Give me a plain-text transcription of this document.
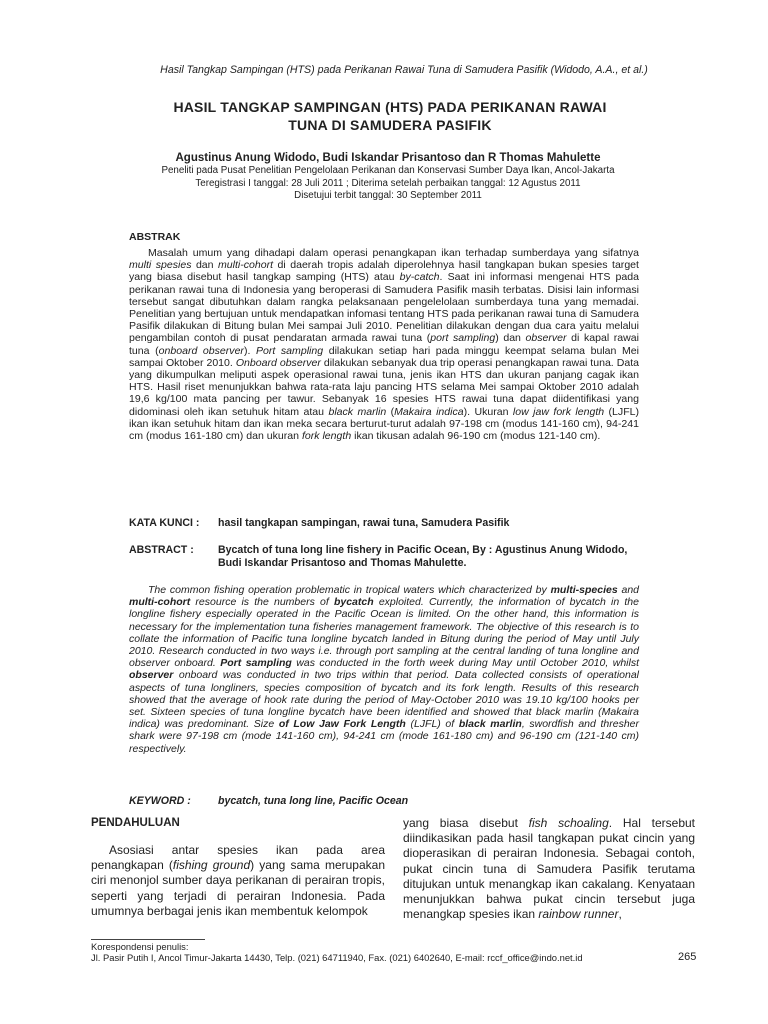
Hasil Tangkap Sampingan (HTS) pada Perikanan Rawai Tuna di Samudera Pasifik (Widodo, A.A., et al.)
HASIL TANGKAP SAMPINGAN (HTS) PADA PERIKANAN RAWAI
TUNA DI SAMUDERA PASIFIK
Agustinus Anung Widodo, Budi Iskandar Prisantoso dan R Thomas Mahulette
Peneliti pada Pusat Penelitian Pengelolaan Perikanan dan Konservasi Sumber Daya Ikan, Ancol-Jakarta
Teregistrasi I tanggal: 28 Juli 2011 ; Diterima setelah perbaikan tanggal: 12 Agustus 2011
Disetujui terbit tanggal: 30 September 2011
ABSTRAK

Masalah umum yang dihadapi dalam operasi penangkapan ikan terhadap sumberdaya yang sifatnya multi spesies dan multi-cohort di daerah tropis adalah diperolehnya hasil tangkapan bukan spesies target yang biasa disebut hasil tangkap samping (HTS) atau by-catch. Saat ini informasi mengenai HTS pada perikanan rawai tuna di Indonesia yang beroperasi di Samudera Pasifik masih terbatas. Disisi lain informasi tersebut sangat dibutuhkan dalam rangka pelaksanaan pengelelolaan sumberdaya tuna yang memadai. Penelitian yang bertujuan untuk mendapatkan infomasi tentang HTS pada perikanan rawai tuna di Samudera Pasifik dilakukan di Bitung bulan Mei sampai Juli 2010. Penelitian dilakukan dengan dua cara yaitu melalui pengambilan contoh di pusat pendaratan armada rawai tuna (port sampling) dan observer di kapal rawai tuna (onboard observer). Port sampling dilakukan setiap hari pada minggu keempat selama bulan Mei sampai Oktober 2010. Onboard observer dilakukan sebanyak dua trip operasi penangkapan rawai tuna. Data yang dikumpulkan meliputi aspek operasional rawai tuna, jenis ikan HTS dan ukuran panjang cagak ikan HTS. Hasil riset menunjukkan bahwa rata-rata laju pancing HTS selama Mei sampai Oktober 2010 adalah 19,6 kg/100 mata pancing per tawur. Sebanyak 16 spesies HTS rawai tuna dapat diidentifikasi yang didominasi oleh ikan setuhuk hitam atau black marlin (Makaira indica). Ukuran low jaw fork length (LJFL) ikan ikan setuhuk hitam dan ikan meka secara berturut-turut adalah 97-198 cm (modus 141-160 cm), 94-241 cm (modus 161-180 cm) dan ukuran fork length ikan tikusan adalah 96-190 cm (modus 121-140 cm).

KATA KUNCI : hasil tangkapan sampingan, rawai tuna, Samudera Pasifik
ABSTRACT : Bycatch of tuna long line fishery in Pacific Ocean, By : Agustinus Anung Widodo, Budi Iskandar Prisantoso and Thomas Mahulette.

The common fishing operation problematic in tropical waters which characterized by multi-species and multi-cohort resource is the numbers of bycatch exploited. Currently, the information of bycatch in the longline fishery especially operated in the Pacific Ocean is limited. On the other hand, this information is necessary for the implementation tuna fisheries management framework. The objective of this research is to collate the information of Pacific tuna longline bycatch landed in Bitung during the period of May until July 2010. Research conducted in two ways i.e. through port sampling at the central landing of tuna longline and observer onboard. Port sampling was conducted in the forth week during May until October 2010, whilst observer onboard was conducted in two trips within that period. Data collected consists of operational aspects of tuna longliners, species composition of bycatch and its fork length. Results of this research showed that the average of hook rate during the period of May-October 2010 was 19.10 kg/100 hooks per set. Sixteen species of tuna longline bycatch have been identified and showed that black marlin (Makaira indica) was predominant. Size of Low Jaw Fork Length (LJFL) of black marlin, swordfish and thresher shark were 97-198 cm (mode 141-160 cm), 94-241 cm (mode 161-180 cm) and 96-190 cm (121-140 cm) respectively.

KEYWORD :	bycatch, tuna long line, Pacific Ocean
PENDAHULUAN

Asosiasi antar spesies ikan pada area penangkapan (fishing ground) yang sama merupakan ciri menonjol sumber daya perikanan di perairan tropis, seperti yang terjadi di perairan Indonesia. Pada umumnya berbagai jenis ikan membentuk kelompok

yang biasa disebut fish schoaling. Hal tersebut diindikasikan pada hasil tangkapan pukat cincin yang dioperasikan di perairan Indonesia. Sebagai contoh, pukat cincin tuna di Samudera Pasifik terutama ditujukan untuk menangkap ikan cakalang. Kenyataan menunjukkan bahwa pukat cincin tersebut juga menangkap spesies ikan rainbow runner,

Korespondensi penulis:
Jl. Pasir Putih I, Ancol Timur-Jakarta 14430, Telp. (021) 64711940, Fax. (021) 6402640, E-mail: rccf_office@indo.net.id	265
